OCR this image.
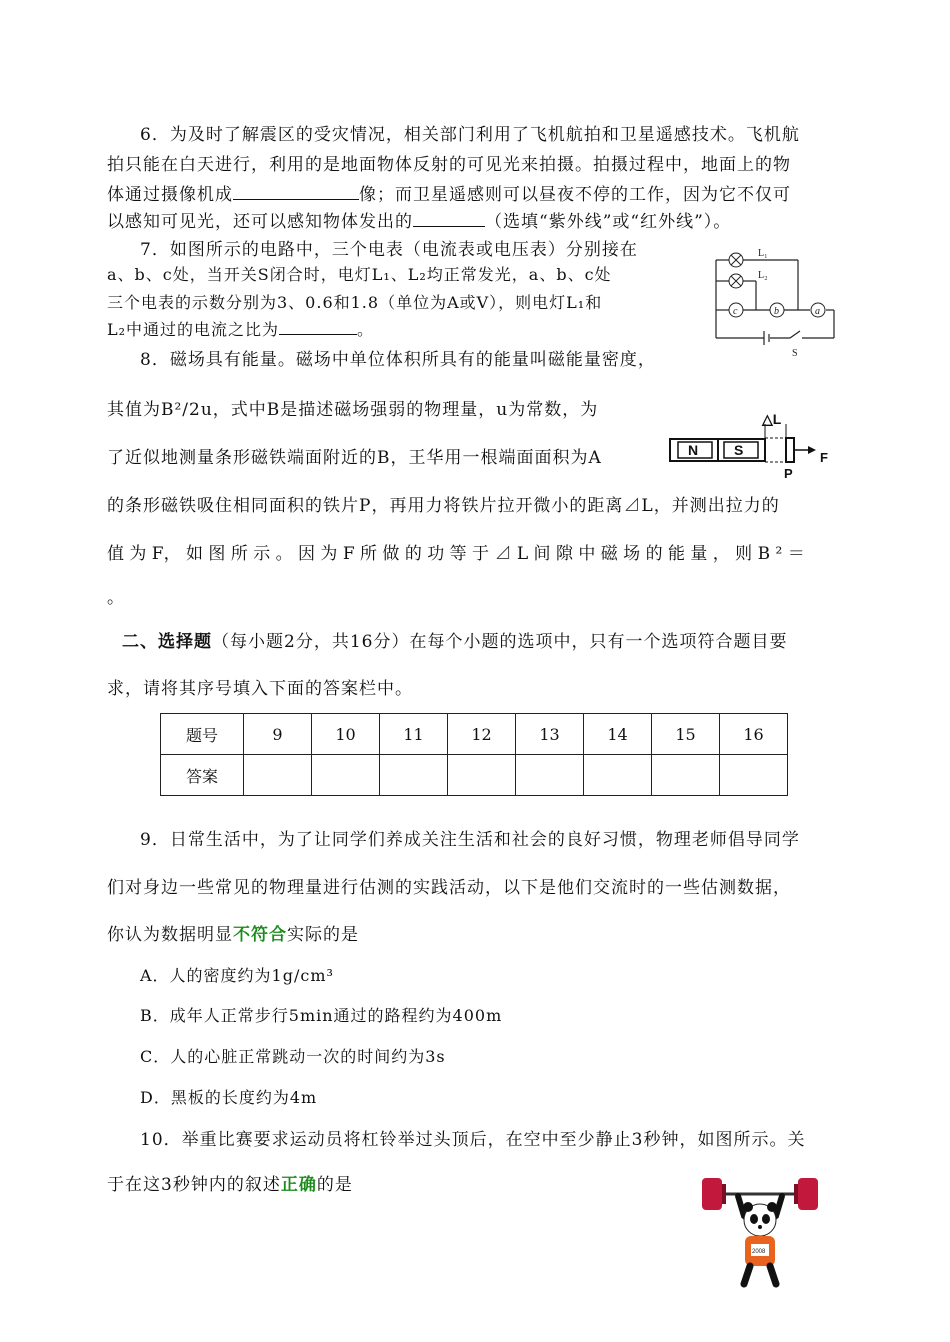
6．为及时了解震区的受灾情况，相关部门利用了飞机航拍和卫星遥感技术。飞机航
拍只能在白天进行，利用的是地面物体反射的可见光来拍摄。拍摄过程中，地面上的物
体通过摄像机成	像；而卫星遥感则可以昼夜不停的工作，因为它不仅可
以感知可见光，还可以感知物体发出的	（选填“紫外线”或“红外线”）。
7．如图所示的电路中，三个电表（电流表或电压表）分别接在
a、b、c处，当开关S闭合时，电灯L₁、L₂均正常发光，a、b、c处
三个电表的示数分别为3、0.6和1.8（单位为A或V），则电灯L₁和
L₂中通过的电流之比为	。
L₁
L₂
c	b	a
S
8．磁场具有能量。磁场中单位体积所具有的能量叫磁能量密度，
其值为B²/2u，式中B是描述磁场强弱的物理量，u为常数，为
了近似地测量条形磁铁端面附近的B，王华用一根端面面积为A
的条形磁铁吸住相同面积的铁片P，再用力将铁片拉开微小的距离⊿L，并测出拉力的
值 为 F， 如 图 所 示 。 因 为 F 所 做 的 功 等 于 ⊿ L 间 隙 中 磁 场 的 能 量 ， 则 B ² ＝
。
N	S
△L
P
F
二、选择题（每小题2分，共16分）在每个小题的选项中，只有一个选项符合题目要
求，请将其序号填入下面的答案栏中。
题号	9	10	11	12	13	14	15	16
答案								
9．日常生活中，为了让同学们养成关注生活和社会的良好习惯，物理老师倡导同学
们对身边一些常见的物理量进行估测的实践活动，以下是他们交流时的一些估测数据，
你认为数据明显不符合实际的是
A．人的密度约为1g/cm³
B．成年人正常步行5min通过的路程约为400m
C．人的心脏正常跳动一次的时间约为3s
D．黑板的长度约为4m
10．举重比赛要求运动员将杠铃举过头顶后，在空中至少静止3秒钟，如图所示。关
于在这3秒钟内的叙述正确的是
2008
